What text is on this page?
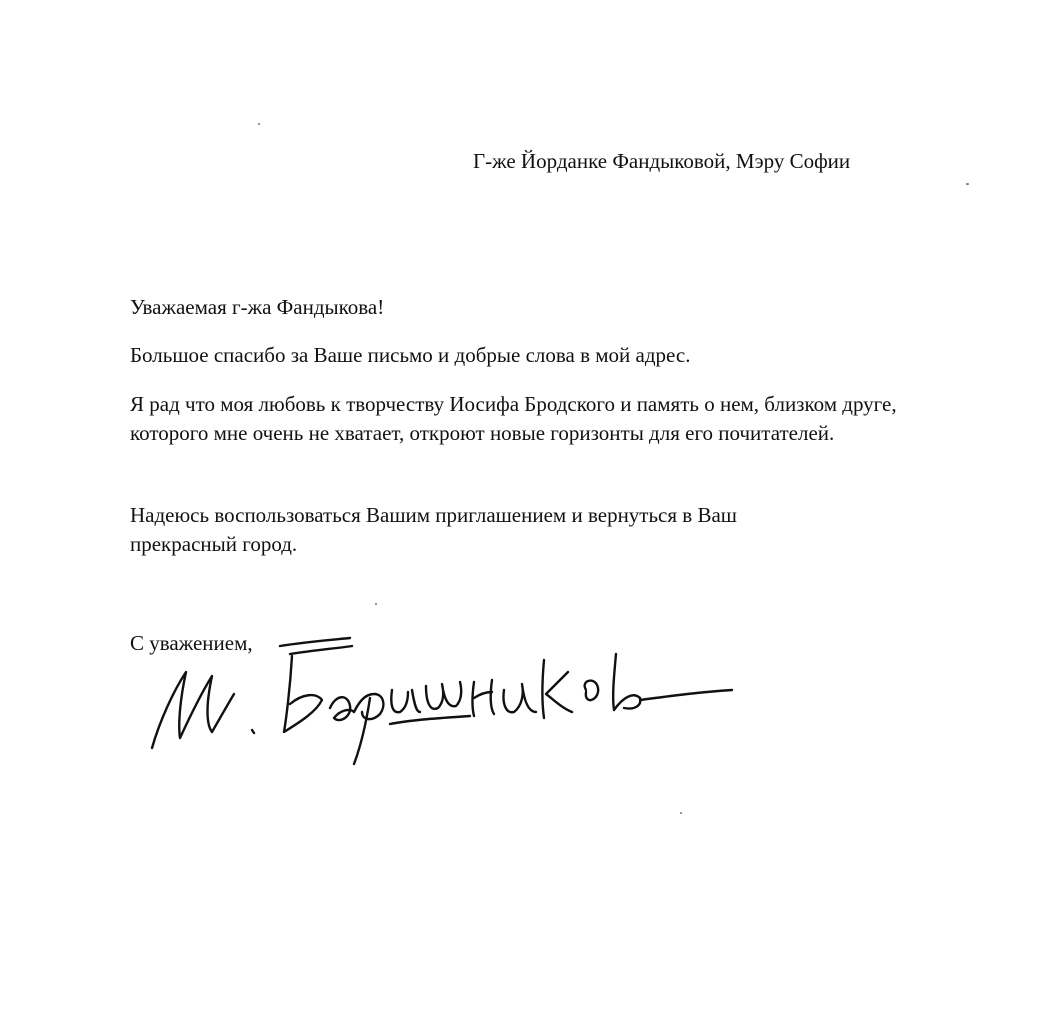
Г-же Йорданке Фандыковой, Мэру Софии
Уважаемая г-жа Фандыкова!

Большое спасибо за Ваше письмо и добрые слова в мой адрес.

Я рад что моя любовь к творчеству Иосифа Бродского и память о нем, близком друге, которого мне очень не хватает, откроют новые горизонты для его почитателей.

Надеюсь воспользоваться Вашим приглашением и вернуться в Ваш прекрасный город.

С уважением,
